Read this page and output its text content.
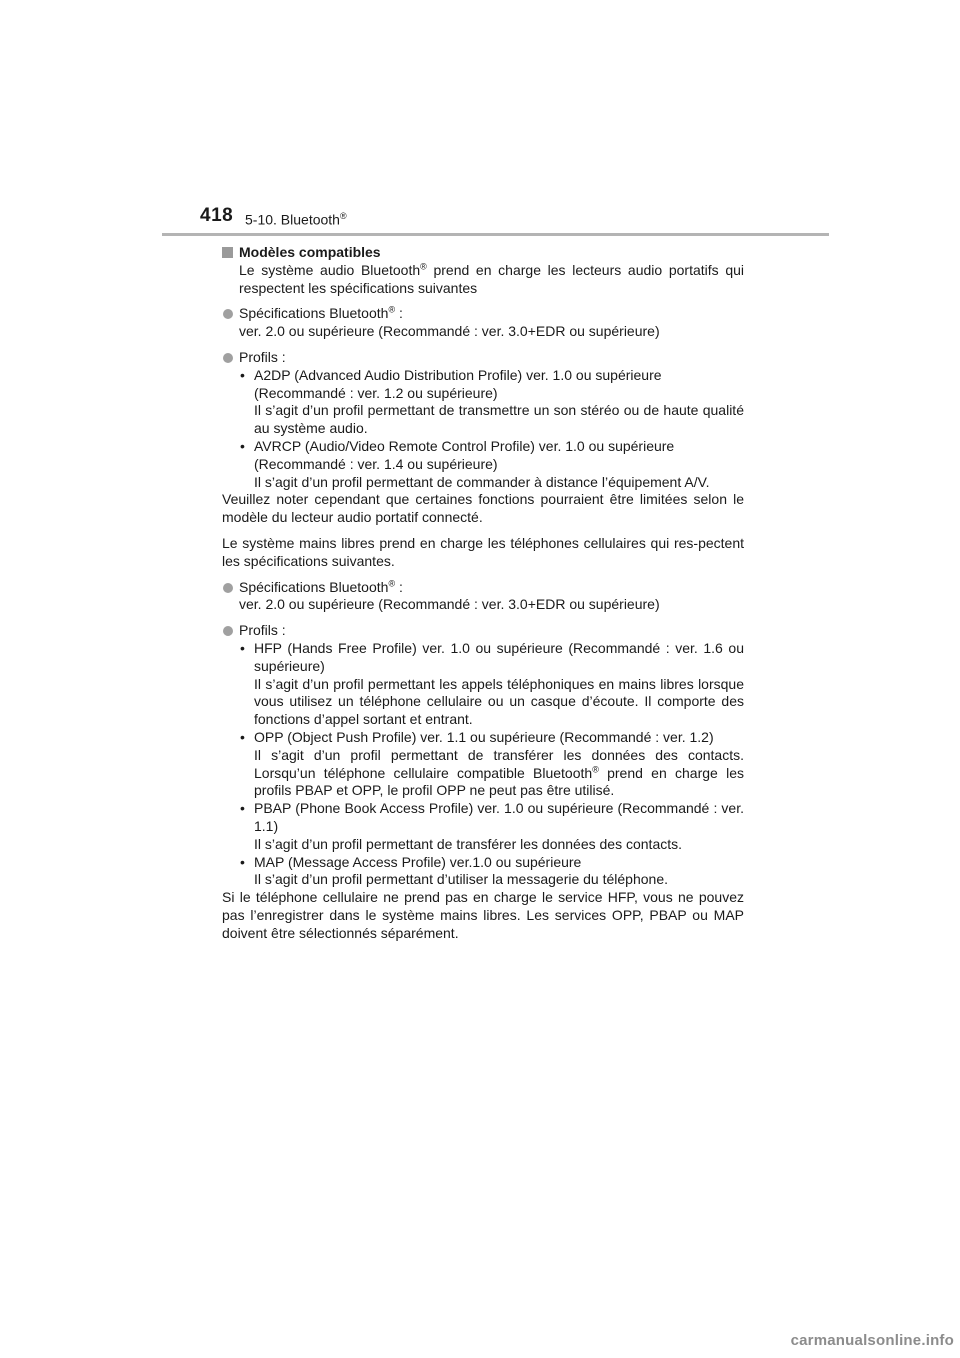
418 5-10. Bluetooth®

Modèles compatibles

Le système audio Bluetooth® prend en charge les lecteurs audio portatifs qui respectent les spécifications suivantes

Spécifications Bluetooth® :
ver. 2.0 ou supérieure (Recommandé : ver. 3.0+EDR ou supérieure)

Profils :

• A2DP (Advanced Audio Distribution Profile) ver. 1.0 ou supérieure
(Recommandé : ver. 1.2 ou supérieure)
Il s’agit d’un profil permettant de transmettre un son stéréo ou de haute qualité au système audio.

• AVRCP (Audio/Video Remote Control Profile) ver. 1.0 ou supérieure
(Recommandé : ver. 1.4 ou supérieure)
Il s’agit d’un profil permettant de commander à distance l’équipement A/V.

Veuillez noter cependant que certaines fonctions pourraient être limitées selon le modèle du lecteur audio portatif connecté.

Le système mains libres prend en charge les téléphones cellulaires qui res-pectent les spécifications suivantes.

Spécifications Bluetooth® :
ver. 2.0 ou supérieure (Recommandé : ver. 3.0+EDR ou supérieure)

Profils :

• HFP (Hands Free Profile) ver. 1.0 ou supérieure (Recommandé : ver. 1.6 ou supérieure)
Il s’agit d’un profil permettant les appels téléphoniques en mains libres lorsque vous utilisez un téléphone cellulaire ou un casque d’écoute. Il comporte des fonctions d’appel sortant et entrant.

• OPP (Object Push Profile) ver. 1.1 ou supérieure (Recommandé : ver. 1.2)
Il s’agit d’un profil permettant de transférer les données des contacts. Lorsqu’un téléphone cellulaire compatible Bluetooth® prend en charge les profils PBAP et OPP, le profil OPP ne peut pas être utilisé.

• PBAP (Phone Book Access Profile) ver. 1.0 ou supérieure (Recommandé : ver. 1.1)
Il s’agit d’un profil permettant de transférer les données des contacts.

• MAP (Message Access Profile) ver.1.0 ou supérieure
Il s’agit d’un profil permettant d’utiliser la messagerie du téléphone.

Si le téléphone cellulaire ne prend pas en charge le service HFP, vous ne pouvez pas l’enregistrer dans le système mains libres. Les services OPP, PBAP ou MAP doivent être sélectionnés séparément.

carmanualsonline.info
